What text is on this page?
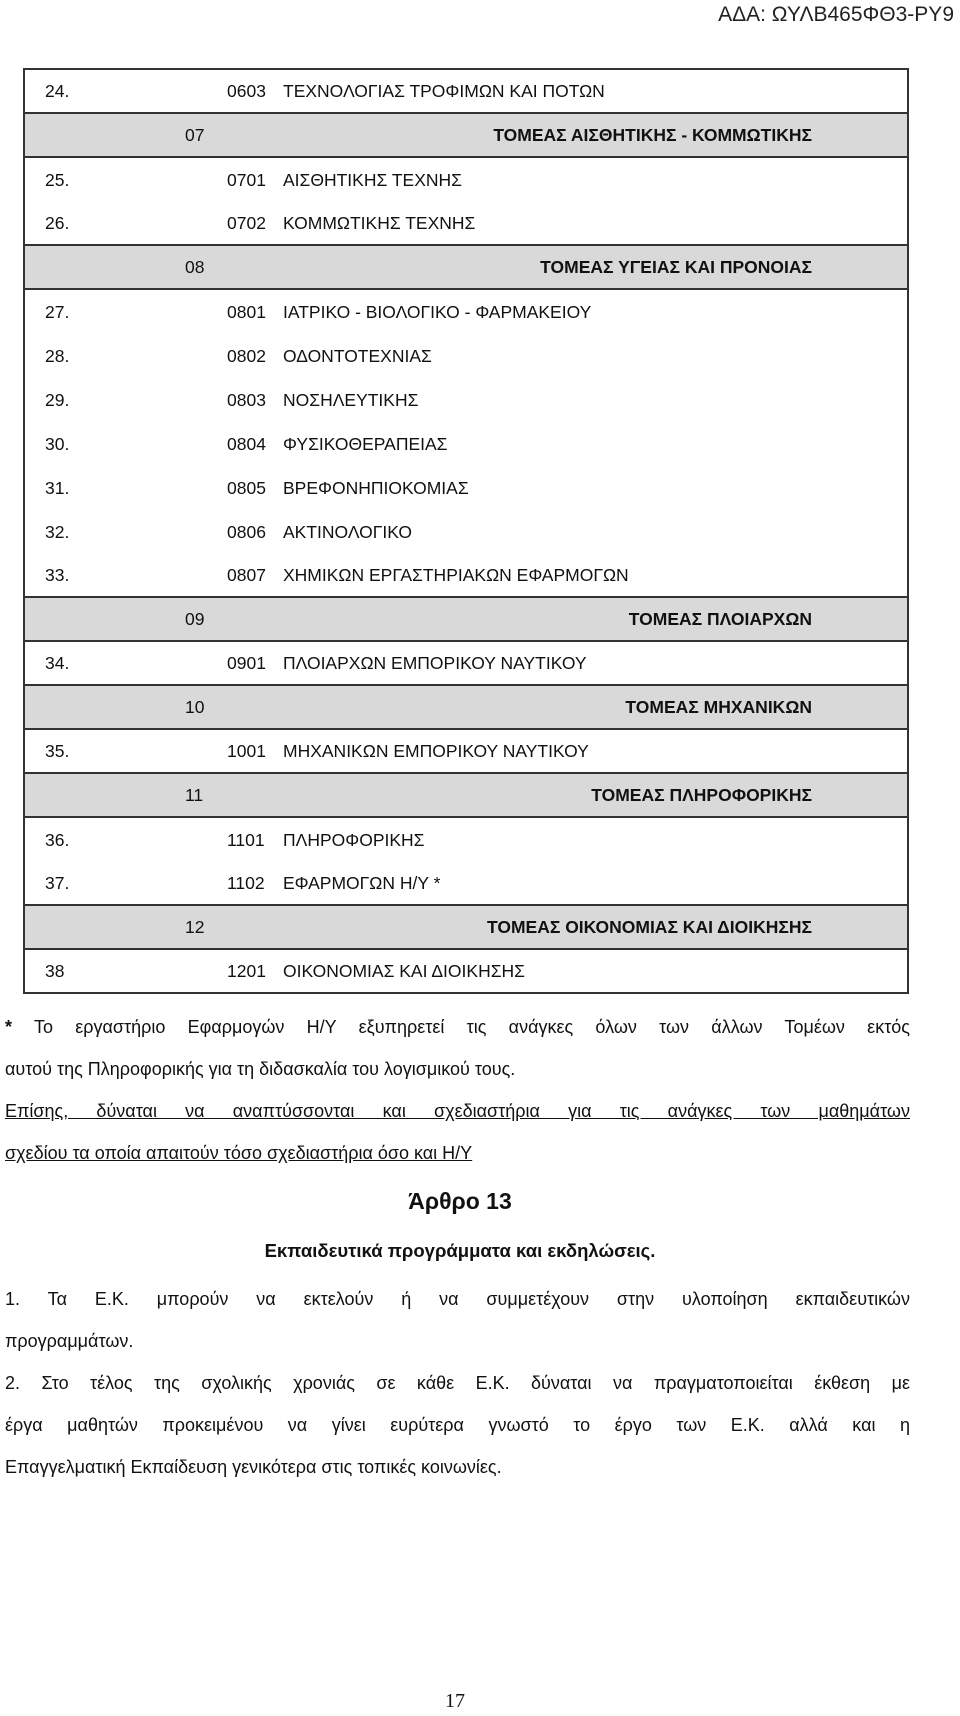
ΑΔΑ: ΩΥΛΒ465ΦΘ3-ΡΥ9
24.	0603 ΤΕΧΝΟΛΟΓΙΑΣ ΤΡΟΦΙΜΩΝ ΚΑΙ ΠΟΤΩΝ
07	ΤΟΜΕΑΣ ΑΙΣΘΗΤΙΚΗΣ - ΚΟΜΜΩΤΙΚΗΣ
25.	0701 ΑΙΣΘΗΤΙΚΗΣ ΤΕΧΝΗΣ
26.	0702 ΚΟΜΜΩΤΙΚΗΣ ΤΕΧΝΗΣ
08	ΤΟΜΕΑΣ ΥΓΕΙΑΣ ΚΑΙ ΠΡΟΝΟΙΑΣ
27.	0801 ΙΑΤΡΙΚΟ - ΒΙΟΛΟΓΙΚΟ - ΦΑΡΜΑΚΕΙΟΥ
28.	0802 ΟΔΟΝΤΟΤΕΧΝΙΑΣ
29.	0803 ΝΟΣΗΛΕΥΤΙΚΗΣ
30.	0804 ΦΥΣΙΚΟΘΕΡΑΠΕΙΑΣ
31.	0805 ΒΡΕΦΟΝΗΠΙΟΚΟΜΙΑΣ
32.	0806 ΑΚΤΙΝΟΛΟΓΙΚΟ
33.	0807 ΧΗΜΙΚΩΝ ΕΡΓΑΣΤΗΡΙΑΚΩΝ ΕΦΑΡΜΟΓΩΝ
09	ΤΟΜΕΑΣ ΠΛΟΙΑΡΧΩΝ
34.	0901 ΠΛΟΙΑΡΧΩΝ ΕΜΠΟΡΙΚΟΥ ΝΑΥΤΙΚΟΥ
10	ΤΟΜΕΑΣ ΜΗΧΑΝΙΚΩΝ
35.	1001 ΜΗΧΑΝΙΚΩΝ ΕΜΠΟΡΙΚΟΥ ΝΑΥΤΙΚΟΥ
11	ΤΟΜΕΑΣ ΠΛΗΡΟΦΟΡΙΚΗΣ
36.	1101	ΠΛΗΡΟΦΟΡΙΚΗΣ
37.	1102	ΕΦΑΡΜΟΓΩΝ Η/Υ *
12	ΤΟΜΕΑΣ ΟΙΚΟΝΟΜΙΑΣ ΚΑΙ ΔΙΟΙΚΗΣΗΣ
38	1201 ΟΙΚΟΝΟΜΙΑΣ ΚΑΙ ΔΙΟΙΚΗΣΗΣ
* Το εργαστήριο Εφαρμογών Η/Υ εξυπηρετεί τις ανάγκες όλων των άλλων Τομέων εκτός
αυτού της Πληροφορικής για τη διδασκαλία του λογισμικού τους.
Επίσης, δύναται να αναπτύσσονται και σχεδιαστήρια για τις ανάγκες των μαθημάτων
σχεδίου τα οποία απαιτούν τόσο σχεδιαστήρια όσο και Η/Υ
Άρθρο 13
Εκπαιδευτικά προγράμματα και εκδηλώσεις.
1. Τα Ε.Κ. μπορούν να εκτελούν ή να συμμετέχουν στην υλοποίηση εκπαιδευτικών
προγραμμάτων.
2. Στο τέλος της σχολικής χρονιάς σε κάθε Ε.Κ. δύναται να πραγματοποιείται έκθεση με
έργα μαθητών προκειμένου να γίνει ευρύτερα γνωστό το έργο των Ε.Κ. αλλά και η
Επαγγελματική Εκπαίδευση γενικότερα στις τοπικές κοινωνίες.
17
